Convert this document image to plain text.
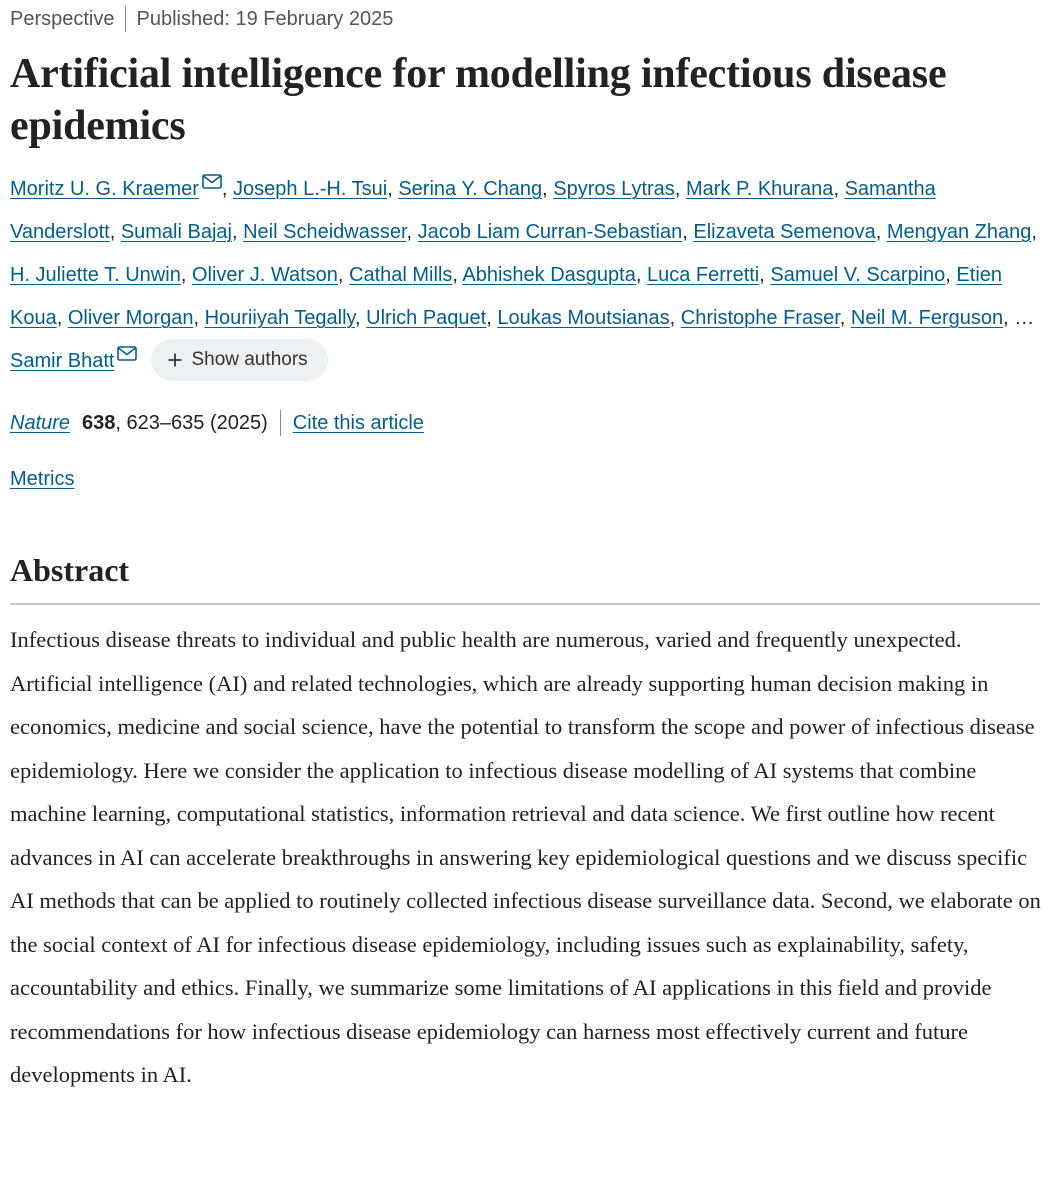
Perspective Published: 19 February 2025
Artificial intelligence for modelling infectious disease epidemics
Moritz U. G. Kraemer , Joseph L.-H. Tsui, Serina Y. Chang, Spyros Lytras, Mark P. Khurana, Samantha Vanderslott, Sumali Bajaj, Neil Scheidwasser, Jacob Liam Curran-Sebastian, Elizaveta Semenova, Mengyan Zhang, H. Juliette T. Unwin, Oliver J. Watson, Cathal Mills, Abhishek Dasgupta, Luca Ferretti, Samuel V. Scarpino, Etien Koua, Oliver Morgan, Houriiyah Tegally, Ulrich Paquet, Loukas Moutsianas, Christophe Fraser, Neil M. Ferguson, … Samir Bhatt	Show authors
Nature 638 , 623–635 (2025) Cite this article
Metrics
Abstract

Infectious disease threats to individual and public health are numerous, varied and frequently unexpected. Artificial intelligence (AI) and related technologies, which are already supporting human decision making in economics, medicine and social science, have the potential to transform the scope and power of infectious disease epidemiology. Here we consider the application to infectious disease modelling of AI systems that combine machine learning, computational statistics, information retrieval and data science. We first outline how recent advances in AI can accelerate breakthroughs in answering key epidemiological questions and we discuss specific AI methods that can be applied to routinely collected infectious disease surveillance data. Second, we elaborate on the social context of AI for infectious disease epidemiology, including issues such as explainability, safety, accountability and ethics. Finally, we summarize some limitations of AI applications in this field and provide recommendations for how infectious disease epidemiology can harness most effectively current and future developments in AI.
